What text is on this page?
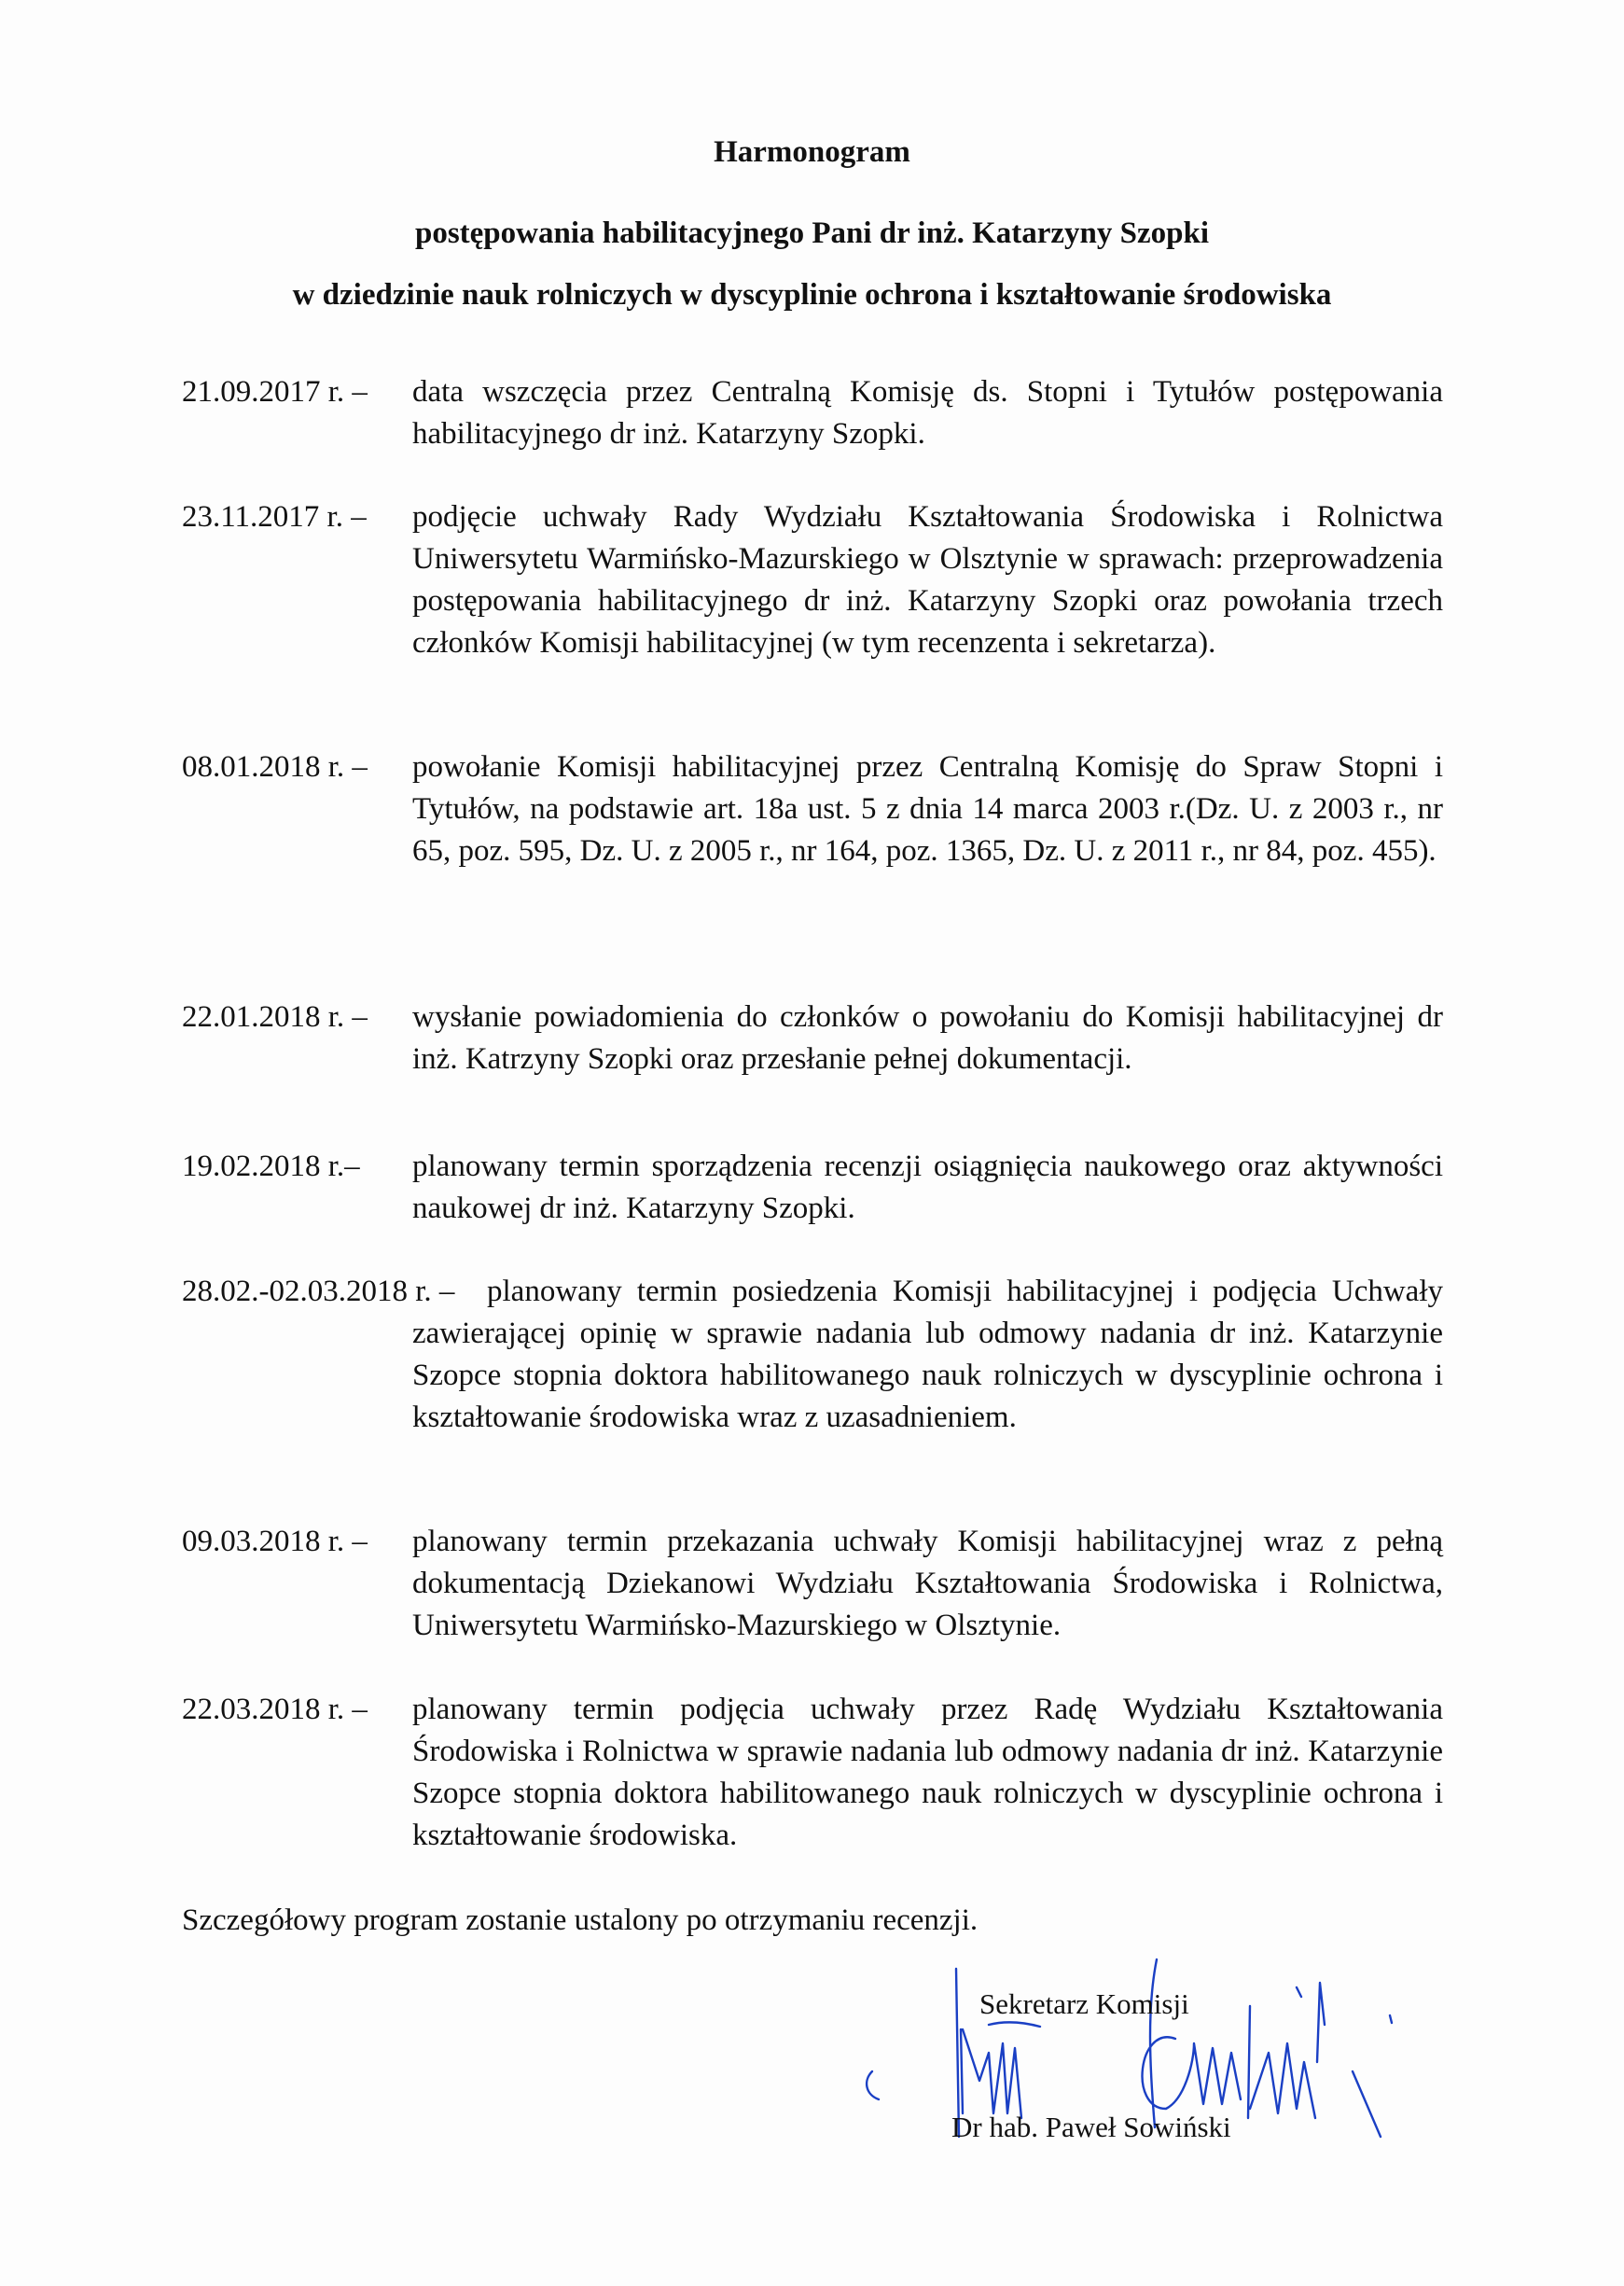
Harmonogram
postępowania habilitacyjnego Pani dr inż. Katarzyny Szopki
w dziedzinie nauk rolniczych w dyscyplinie ochrona i kształtowanie środowiska
21.09.2017 r. – data wszczęcia przez Centralną Komisję ds. Stopni i Tytułów postępowania habilitacyjnego dr inż. Katarzyny Szopki.
23.11.2017 r. – podjęcie uchwały Rady Wydziału Kształtowania Środowiska i Rolnictwa Uniwersytetu Warmińsko-Mazurskiego w Olsztynie w sprawach: przeprowadzenia postępowania habilitacyjnego dr inż. Katarzyny Szopki oraz powołania trzech członków Komisji habilitacyjnej (w tym recenzenta i sekretarza).
08.01.2018 r. – powołanie Komisji habilitacyjnej przez Centralną Komisję do Spraw Stopni i Tytułów, na podstawie art. 18a ust. 5 z dnia 14 marca 2003 r.(Dz. U. z 2003 r., nr 65, poz. 595, Dz. U. z 2005 r., nr 164, poz. 1365, Dz. U. z 2011 r., nr 84, poz. 455).
22.01.2018 r. – wysłanie powiadomienia do członków o powołaniu do Komisji habilitacyjnej dr inż. Katrzyny Szopki oraz przesłanie pełnej dokumentacji.
19.02.2018 r.– planowany termin sporządzenia recenzji osiągnięcia naukowego oraz aktywności naukowej dr inż. Katarzyny Szopki.
28.02.-02.03.2018 r. –	planowany termin posiedzenia Komisji habilitacyjnej i podjęcia Uchwały zawierającej opinię w sprawie nadania lub odmowy nadania dr inż. Katarzynie Szopce stopnia doktora habilitowanego nauk rolniczych w dyscyplinie ochrona i kształtowanie środowiska wraz z uzasadnieniem.
09.03.2018 r. – planowany termin przekazania uchwały Komisji habilitacyjnej wraz z pełną dokumentacją Dziekanowi Wydziału Kształtowania Środowiska i Rolnictwa, Uniwersytetu Warmińsko-Mazurskiego w Olsztynie.
22.03.2018 r. – planowany termin podjęcia uchwały przez Radę Wydziału Kształtowania Środowiska i Rolnictwa w sprawie nadania lub odmowy nadania dr inż. Katarzynie Szopce stopnia doktora habilitowanego nauk rolniczych w dyscyplinie ochrona i kształtowanie środowiska.
Szczegółowy program zostanie ustalony po otrzymaniu recenzji.
Sekretarz Komisji
Dr hab. Paweł Sowiński
